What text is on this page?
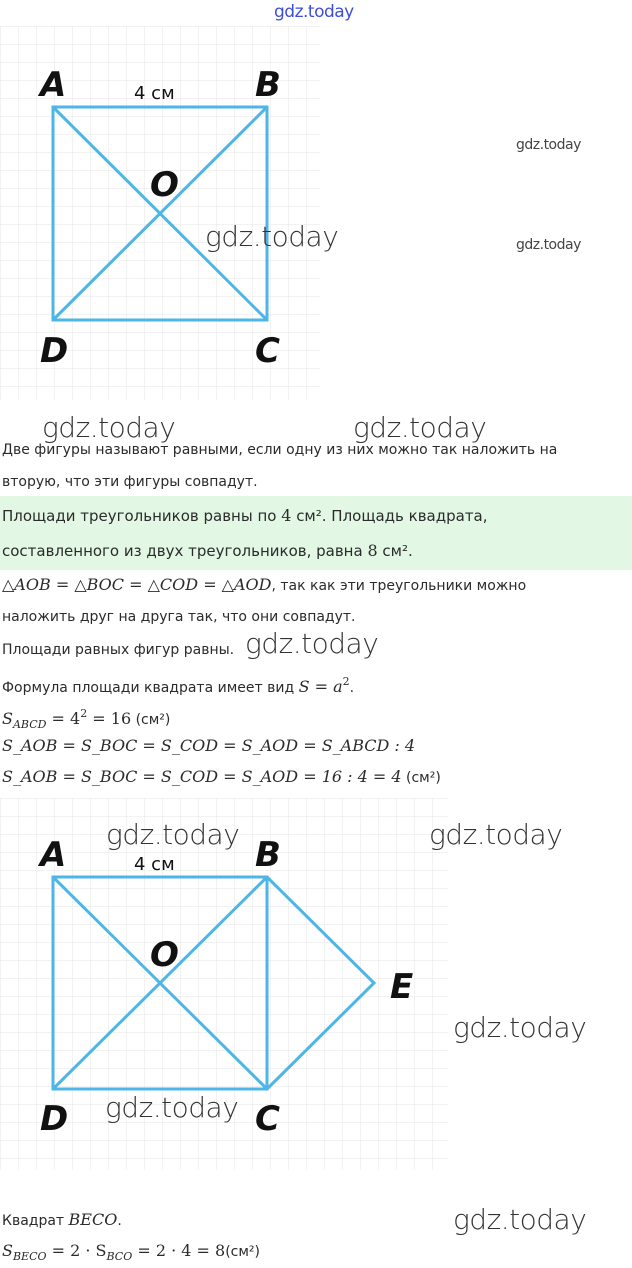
gdz.today
A	B
D	C
O
4 см
gdz.today
gdz.today
gdz.today
gdz.today	gdz.today
Две фигуры называют равными, если одну из них можно так наложить на
вторую, что эти фигуры совпадут.
Площади треугольников равны по 4 см². Площадь квадрата,
составленного из двух треугольников, равна 8 см².
△AOB = △BOC = △COD = △AOD, так как эти треугольники можно
наложить друг на друга так, что они совпадут.
Площади равных фигур равны. gdz.today
Формула площади квадрата имеет вид $S = a^2$.
$S_{ABCD} = 4^2 = 16$ (см²)
S_AOB = S_BOC = S_COD = S_AOD = S_ABCD : 4
S_AOB = S_BOC = S_COD = S_AOD = 16 : 4 = 4 (см²)
A	B
D	C
O
E
4 см
gdz.today	gdz.today
gdz.today
gdz.today
gdz.today
Квадрат BECO.
$S_{BECO} = 2 \cdot S_{BCO} = 2 \cdot 4 = 8(см^2)$
